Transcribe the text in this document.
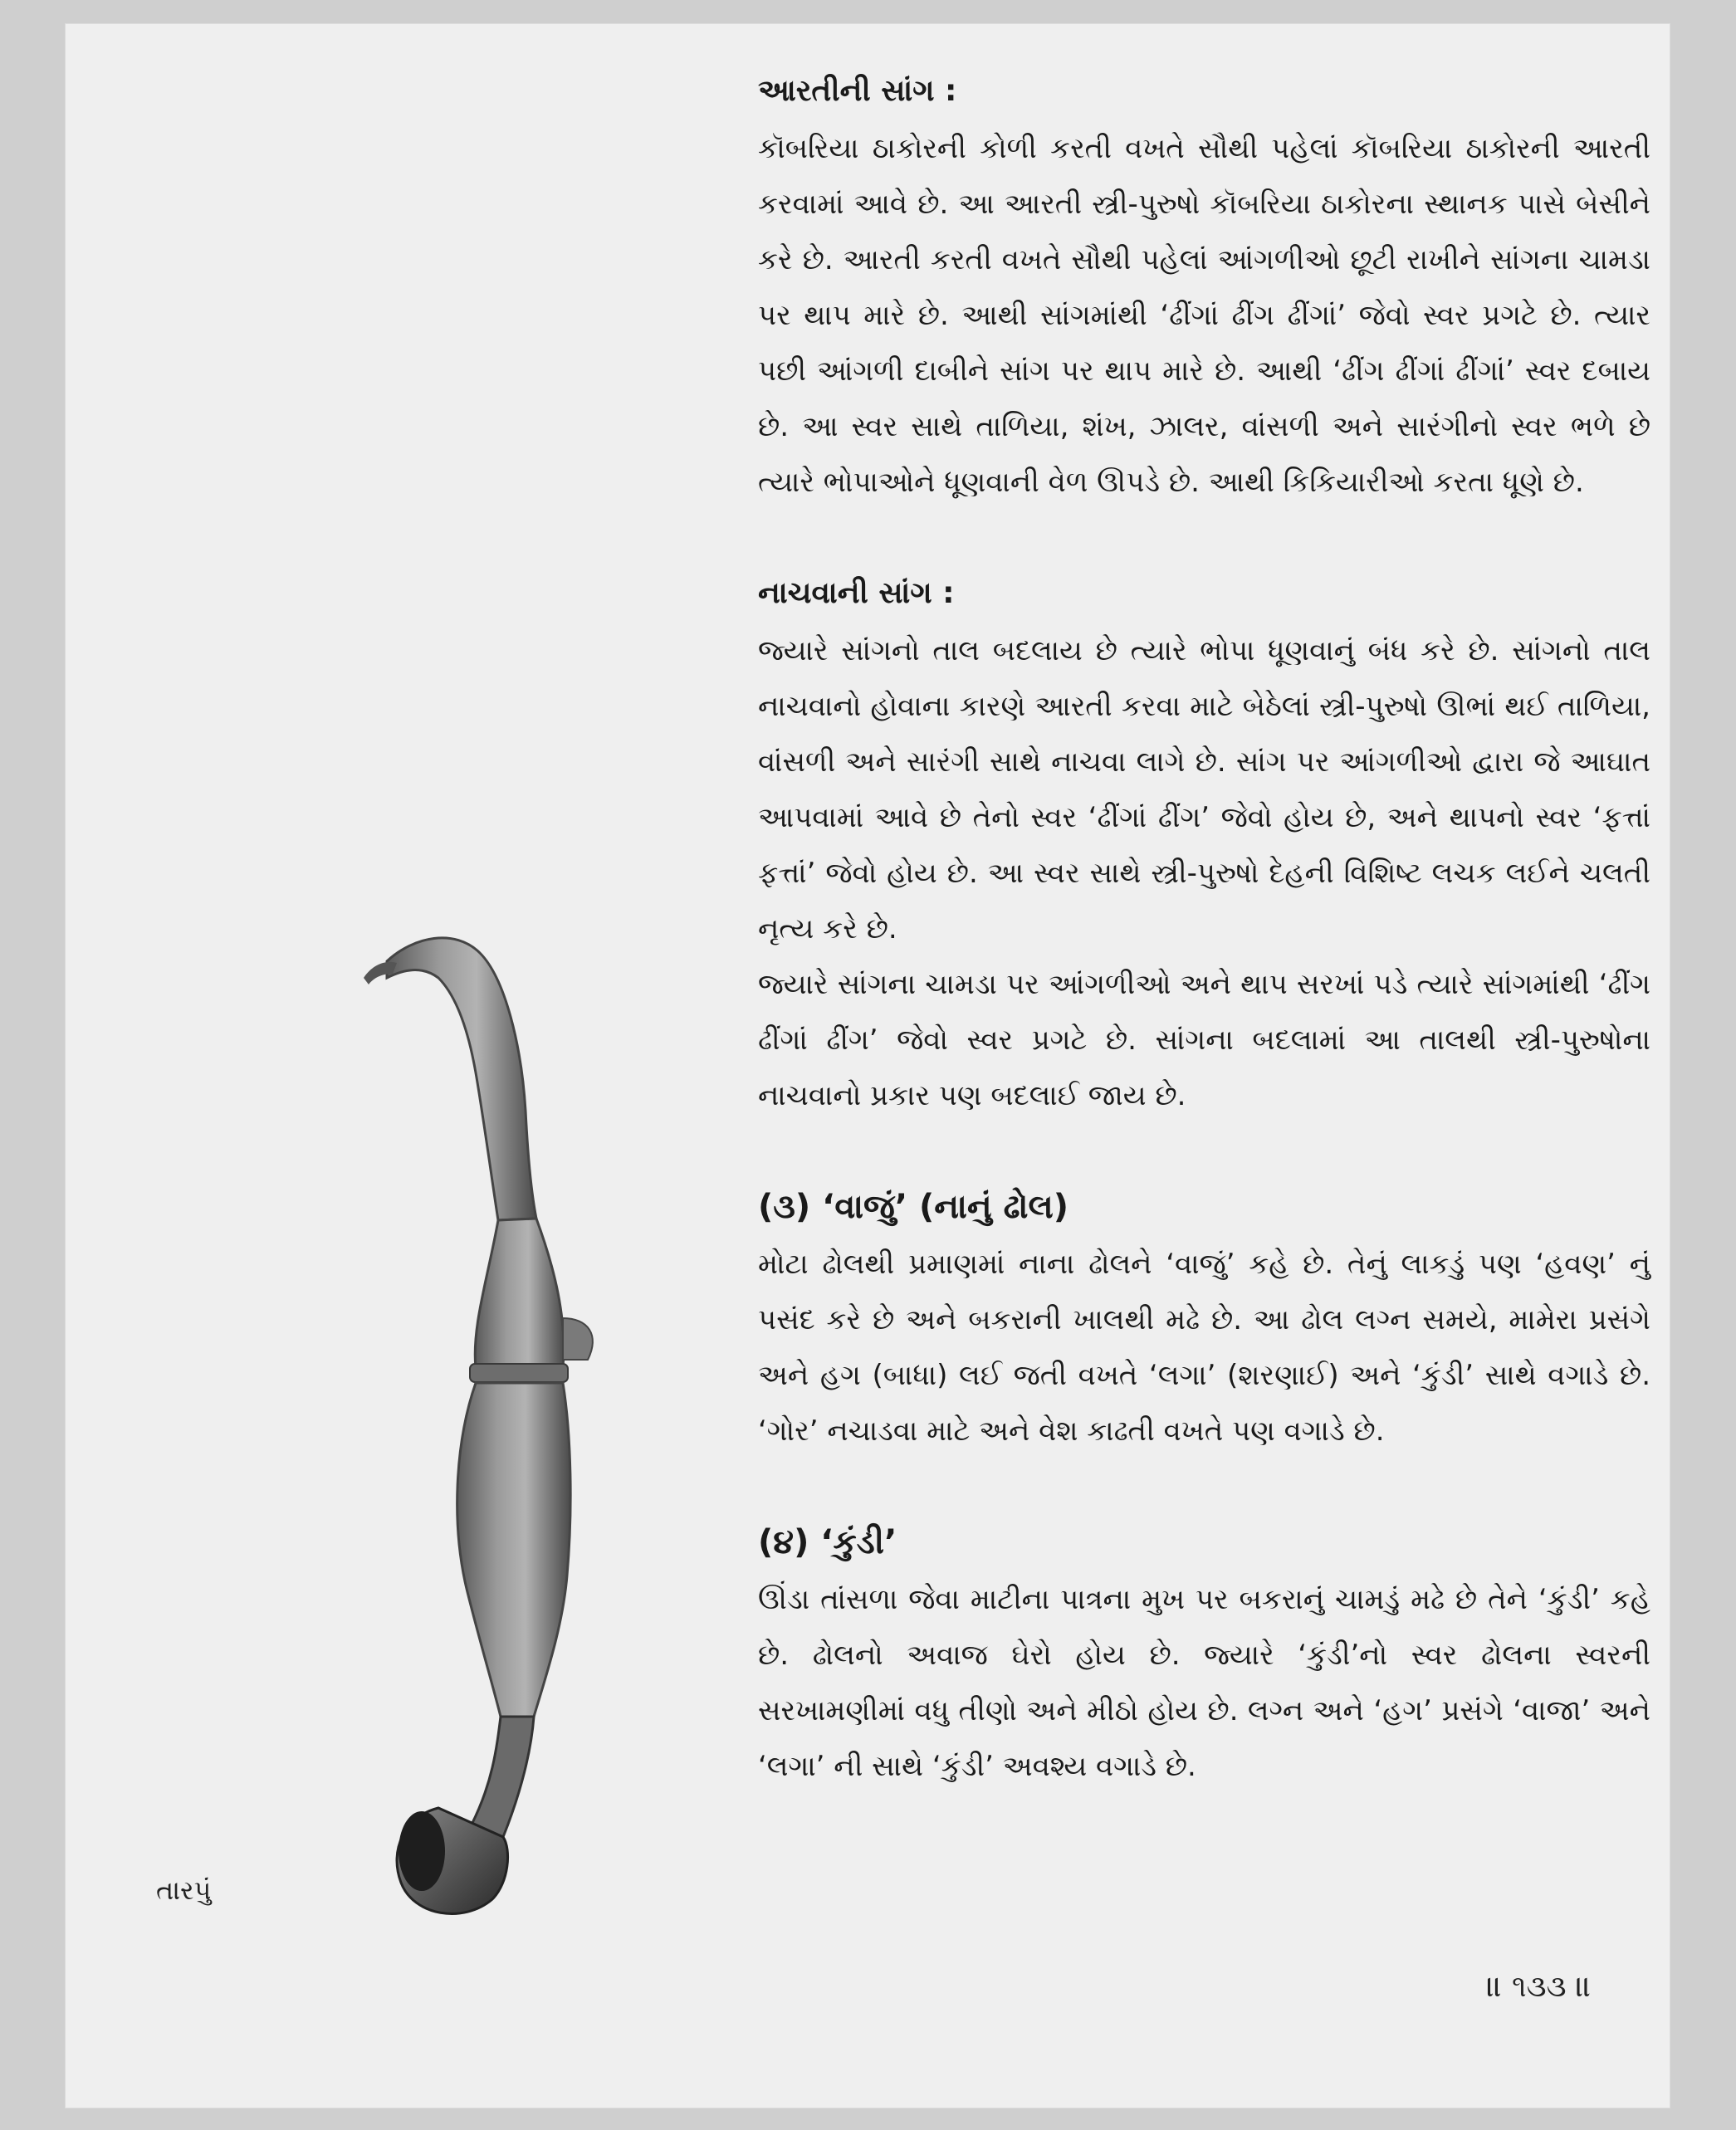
તારપું
આરતીની સાંગ :

કૉબરિયા ઠાકોરની કોળી કરતી વખતે સૌથી પહેલાં કૉબરિયા ઠાકોરની આરતી કરવામાં આવે છે. આ આરતી સ્ત્રી-પુરુષો કૉબરિયા ઠાકોરના સ્થાનક પાસે બેસીને કરે છે. આરતી કરતી વખતે સૌથી પહેલાં આંગળીઓ છૂટી રાખીને સાંગના ચામડા પર થાપ મારે છે. આથી સાંગમાંથી ‘ઢીંગાં ઢીંગ ઢીંગાં’ જેવો સ્વર પ્રગટે છે. ત્યાર પછી આંગળી દાબીને સાંગ પર થાપ મારે છે. આથી ‘ઢીંગ ઢીંગાં ઢીંગાં’ સ્વર દબાય છે. આ સ્વર સાથે તાળિયા, શંખ, ઝાલર, વાંસળી અને સારંગીનો સ્વર ભળે છે ત્યારે ભોપાઓને ધૂણવાની વેળ ઊપડે છે. આથી કિકિયારીઓ કરતા ધૂણે છે.

નાચવાની સાંગ :

જ્યારે સાંગનો તાલ બદલાય છે ત્યારે ભોપા ધૂણવાનું બંધ કરે છે. સાંગનો તાલ નાચવાનો હોવાના કારણે આરતી કરવા માટે બેઠેલાં સ્ત્રી-પુરુષો ઊભાં થઈ તાળિયા, વાંસળી અને સારંગી સાથે નાચવા લાગે છે. સાંગ પર આંગળીઓ દ્વારા જે આઘાત આપવામાં આવે છે તેનો સ્વર ‘ઢીંગાં ઢીંગ’ જેવો હોય છે, અને થાપનો સ્વર ‘ફત્તાં ફત્તાં’ જેવો હોય છે. આ સ્વર સાથે સ્ત્રી-પુરુષો દેહની વિશિષ્ટ લચક લઈને ચલતી નૃત્ય કરે છે.

જ્યારે સાંગના ચામડા પર આંગળીઓ અને થાપ સરખાં પડે ત્યારે સાંગમાંથી ‘ઢીંગ ઢીંગાં ઢીંગ’ જેવો સ્વર પ્રગટે છે. સાંગના બદલામાં આ તાલથી સ્ત્રી-પુરુષોના નાચવાનો પ્રકાર પણ બદલાઈ જાય છે.

(૩) ‘વાજું’ (નાનું ઢોલ)

મોટા ઢોલથી પ્રમાણમાં નાના ઢોલને ‘વાજું’ કહે છે. તેનું લાકડું પણ ‘હવણ’ નું પસંદ કરે છે અને બકરાની ખાલથી મઢે છે. આ ઢોલ લગ્ન સમયે, મામેરા પ્રસંગે અને હગ (બાધા) લઈ જતી વખતે ‘લગા’ (શરણાઈ) અને ‘કુંડી’ સાથે વગાડે છે. ‘ગોર’ નચાડવા માટે અને વેશ કાઢતી વખતે પણ વગાડે છે.

(૪) ‘કુંડી’

ઊંડા તાંસળા જેવા માટીના પાત્રના મુખ પર બકરાનું ચામડું મઢે છે તેને ‘કુંડી’ કહે છે. ઢોલનો અવાજ ઘેરો હોય છે. જ્યારે ‘કુંડી’નો સ્વર ઢોલના સ્વરની સરખામણીમાં વધુ તીણો અને મીઠો હોય છે. લગ્ન અને ‘હગ’ પ્રસંગે ‘વાજા’ અને ‘લગા’ ની સાથે ‘કુંડી’ અવશ્ય વગાડે છે.

॥ ૧૩૩ ॥
